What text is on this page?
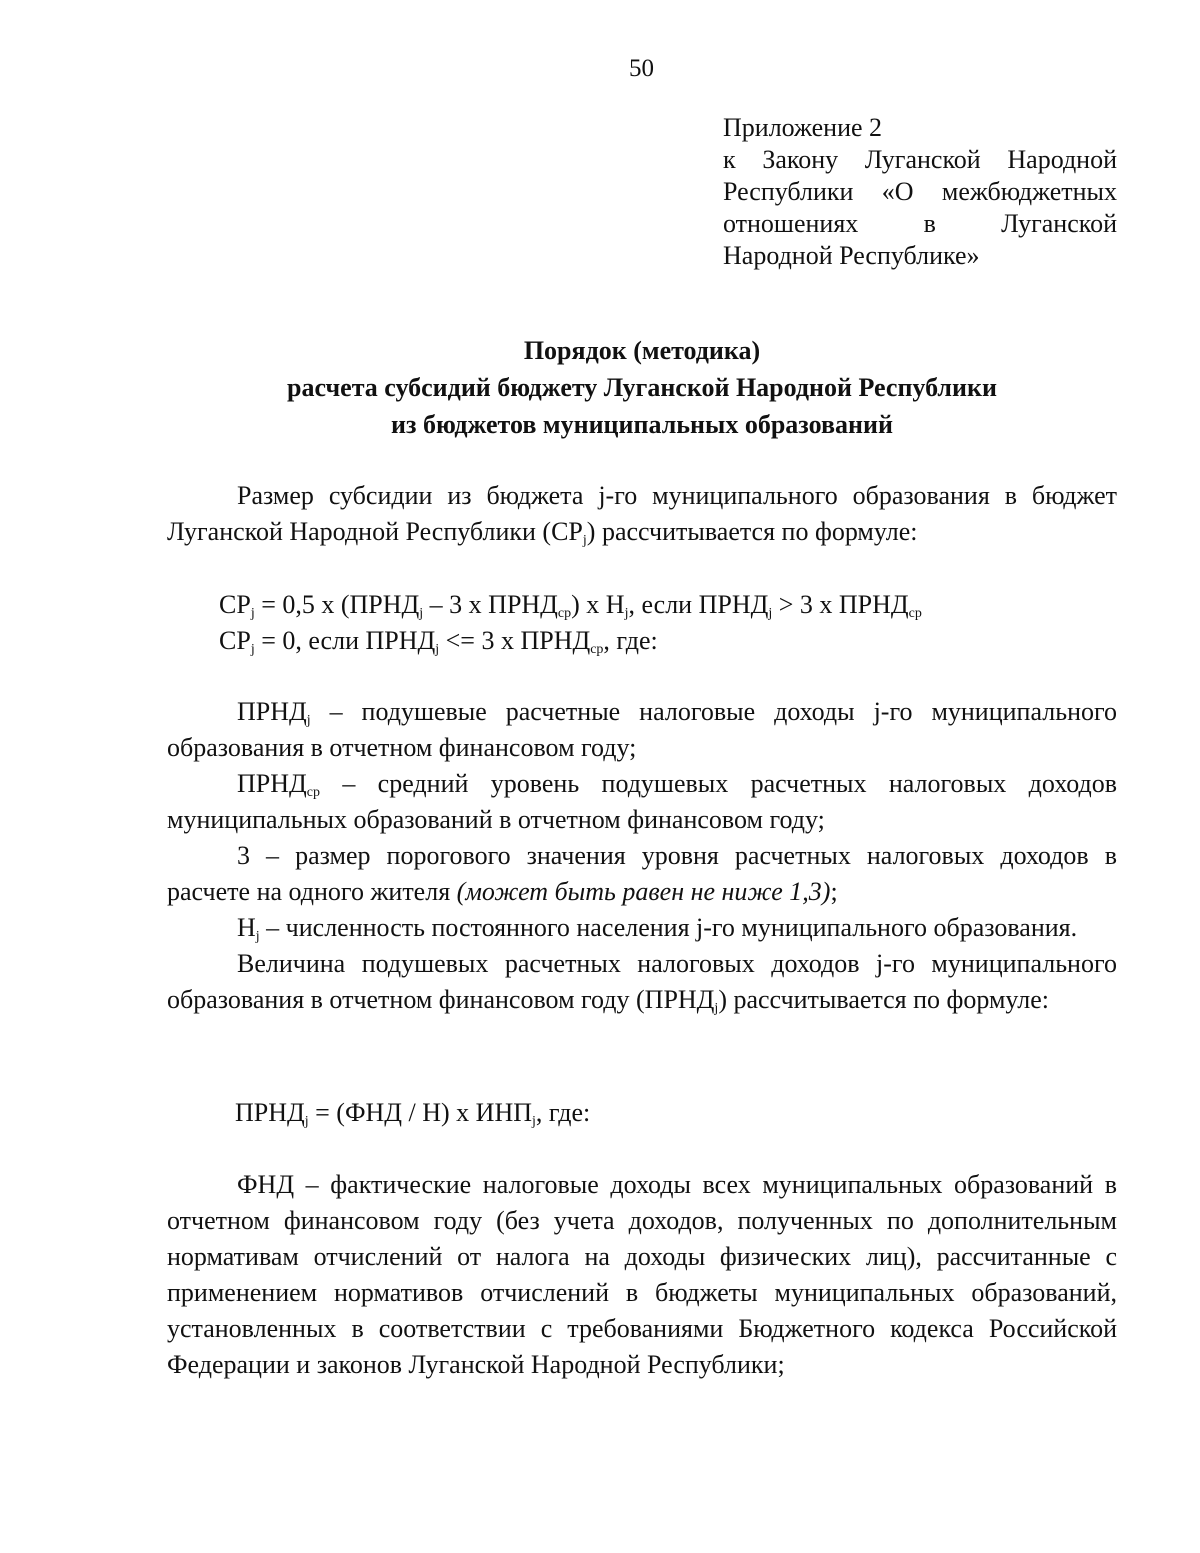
50
Приложение 2
к Закону Луганской Народной
Республики «О межбюджетных
отношениях в Луганской
Народной Республике»
Порядок (методика)
расчета субсидий бюджету Луганской Народной Республики
из бюджетов муниципальных образований

Размер субсидии из бюджета j-го муниципального образования в бюджет Луганской Народной Республики $(СР_j)$ рассчитывается по формуле:

$СР_j = 0,5$ х ($ПРНД_j - 3$ х $ПРНД_{ср}$) х $Н_j$, если $ПРНД_j > 3$ х $ПРНД_{ср}$

$СР_j = 0$, если $ПРНД_j <= 3$ х $ПРНД_{ср}$, где:

$ПРНД_j$ – подушевые расчетные налоговые доходы j-го муниципального образования в отчетном финансовом году;

$ПРНД_{ср}$ – средний уровень подушевых расчетных налоговых доходов муниципальных образований в отчетном финансовом году;

3 – размер порогового значения уровня расчетных налоговых доходов в расчете на одного жителя (может быть равен не ниже 1,3);

$Н_j$ – численность постоянного населения j-го муниципального образования.

Величина подушевых расчетных налоговых доходов j-го муниципального образования в отчетном финансовом году $(ПРНД_j)$ рассчитывается по формуле:

$ПРНД_j = (ФНД / Н)$ х $ИНП_j$, где:

ФНД – фактические налоговые доходы всех муниципальных образований в отчетном финансовом году (без учета доходов, полученных по дополнительным нормативам отчислений от налога на доходы физических лиц), рассчитанные с применением нормативов отчислений в бюджеты муниципальных образований, установленных в соответствии с требованиями Бюджетного кодекса Российской Федерации и законов Луганской Народной Республики;
